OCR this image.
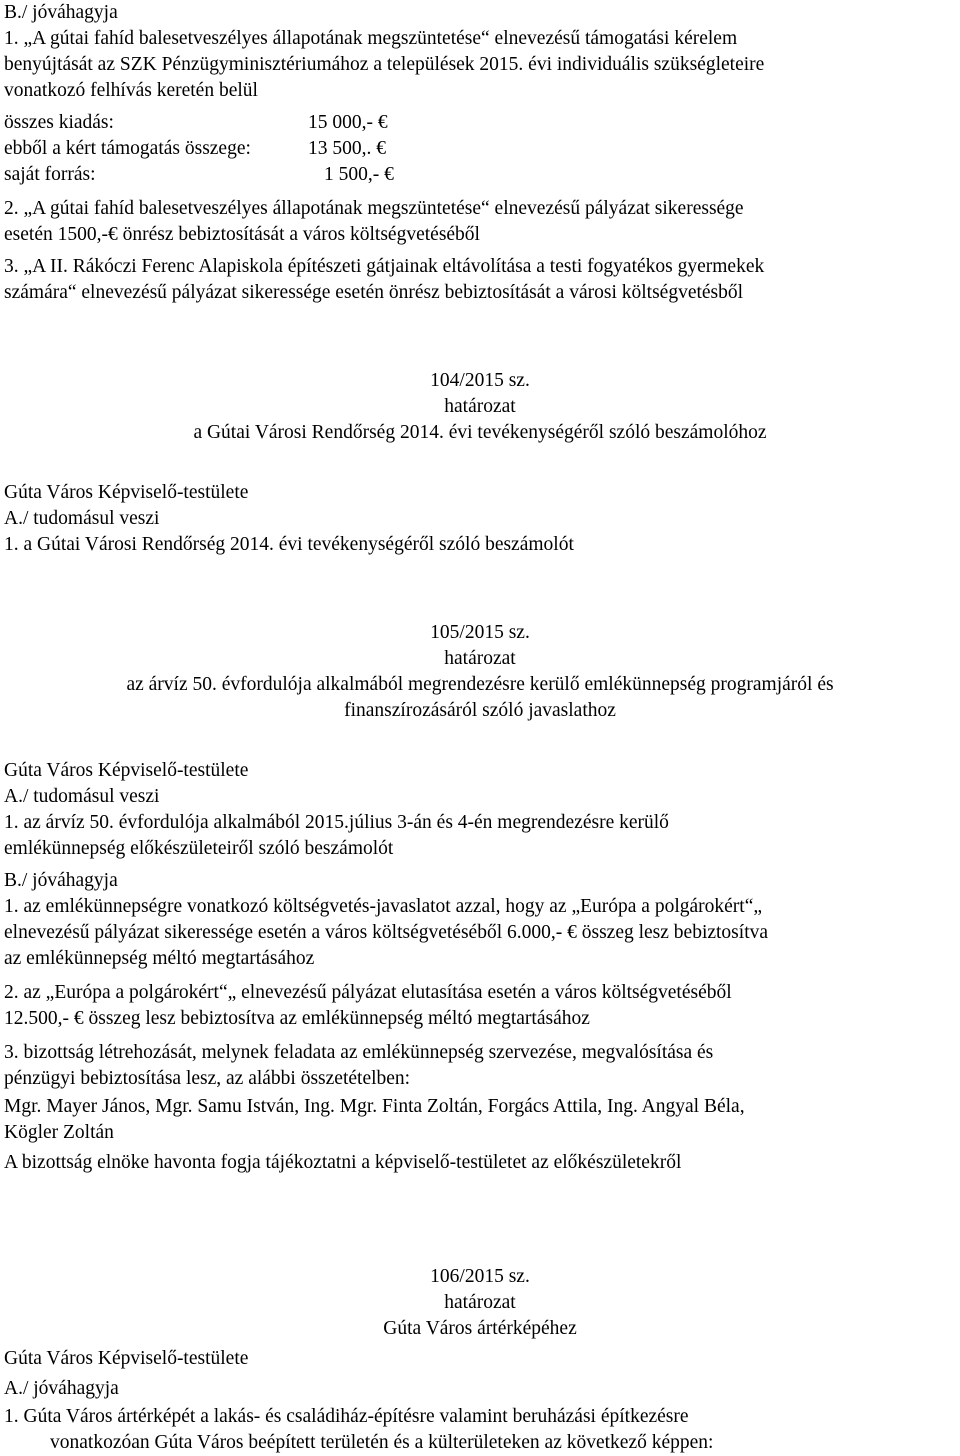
B./ jóváhagyja
1. „A gútai fahíd balesetveszélyes állapotának megszüntetése“ elnevezésű támogatási kérelem
benyújtását az SZK Pénzügyminisztériumához a települések 2015. évi individuális szükségleteire
vonatkozó felhívás keretén belül
összes kiadás:	15 000,- €
ebből a kért támogatás összege:	13 500,. €
saját forrás:	1 500,- €
2. „A gútai fahíd balesetveszélyes állapotának megszüntetése“ elnevezésű pályázat sikeressége
esetén 1500,-€ önrész bebiztosítását a város költségvetéséből
3. „A II. Rákóczi Ferenc Alapiskola építészeti gátjainak eltávolítása a testi fogyatékos gyermekek
számára“ elnevezésű pályázat sikeressége esetén önrész bebiztosítását a városi költségvetésből
104/2015 sz.
határozat
a Gútai Városi Rendőrség 2014. évi tevékenységéről szóló beszámolóhoz
Gúta Város Képviselő-testülete
A./ tudomásul veszi
1. a Gútai Városi Rendőrség 2014. évi tevékenységéről szóló beszámolót
105/2015 sz.
határozat
az árvíz 50. évfordulója alkalmából megrendezésre kerülő emlékünnepség programjáról és
finanszírozásáról szóló javaslathoz
Gúta Város Képviselő-testülete
A./ tudomásul veszi
1. az árvíz 50. évfordulója alkalmából 2015.július 3-án és 4-én megrendezésre kerülő
emlékünnepség előkészületeiről szóló beszámolót
B./ jóváhagyja
1. az emlékünnepségre vonatkozó költségvetés-javaslatot azzal, hogy az „Európa a polgárokért“„
elnevezésű pályázat sikeressége esetén a város költségvetéséből 6.000,- € összeg lesz bebiztosítva
az emlékünnepség méltó megtartásához
2. az „Európa a polgárokért“„ elnevezésű pályázat elutasítása esetén a város költségvetéséből
12.500,- € összeg lesz bebiztosítva az emlékünnepség méltó megtartásához
3. bizottság létrehozását, melynek feladata az emlékünnepség szervezése, megvalósítása és
pénzügyi bebiztosítása lesz, az alábbi összetételben:
Mgr. Mayer János, Mgr. Samu István, Ing. Mgr. Finta Zoltán, Forgács Attila, Ing. Angyal Béla,
Kögler Zoltán
A bizottság elnöke havonta fogja tájékoztatni a képviselő-testületet az előkészületekről
106/2015 sz.
határozat
Gúta Város ártérképéhez
Gúta Város Képviselő-testülete
A./ jóváhagyja
1. Gúta Város ártérképét a lakás- és családiház-építésre valamint beruházási építkezésre
vonatkozóan Gúta Város beépített területén és a külterületeken az következő képpen:
